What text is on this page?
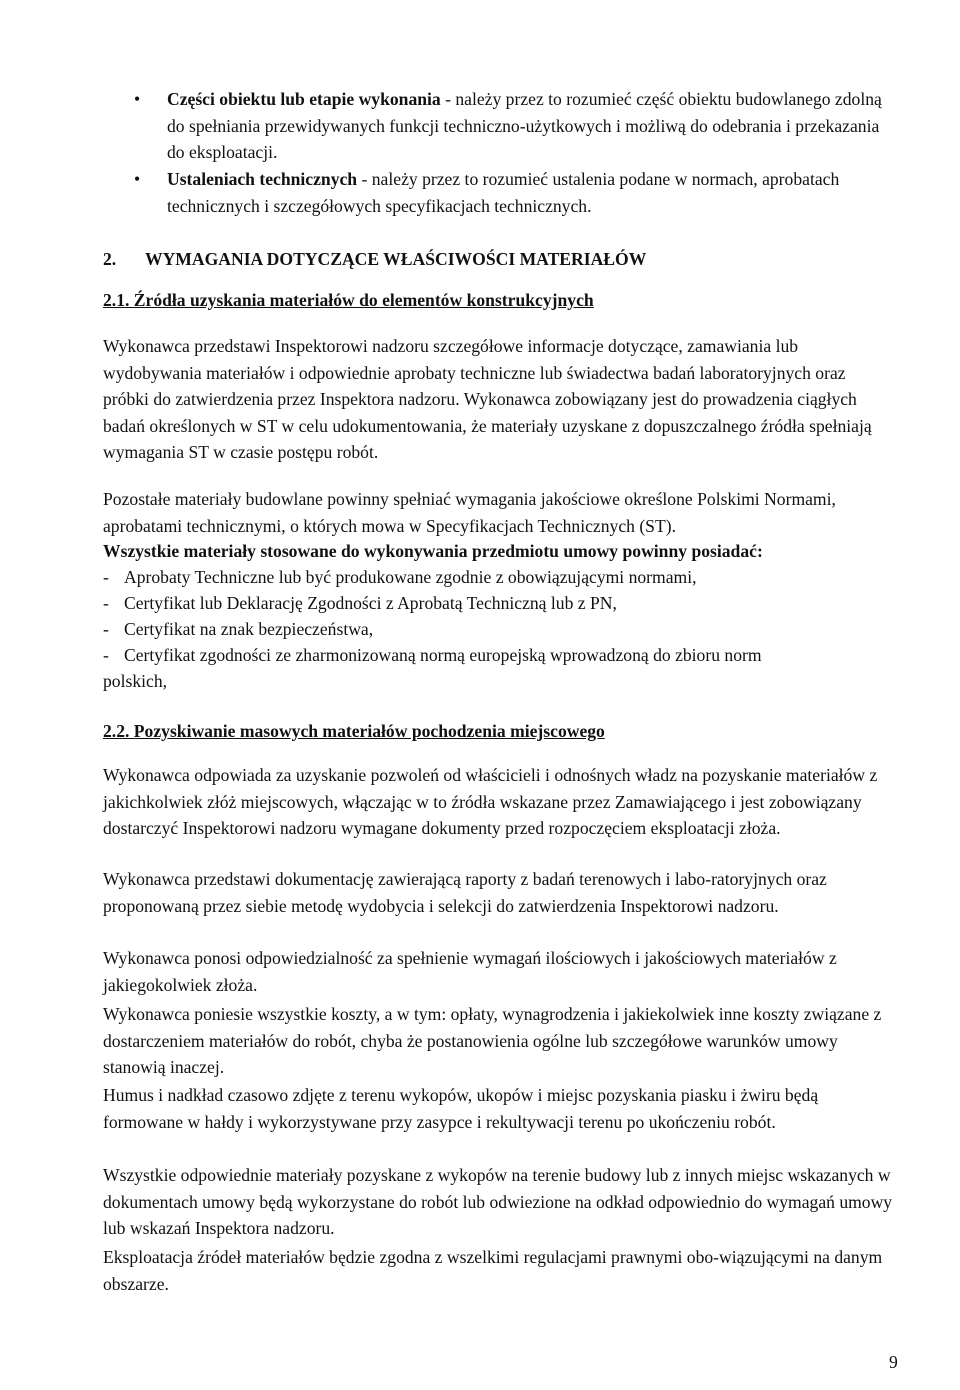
• Części obiektu lub etapie wykonania - należy przez to rozumieć część obiektu budowlanego zdolną do spełniania przewidywanych funkcji techniczno-użytkowych i możliwą do odebrania i przekazania do eksploatacji.
• Ustaleniach technicznych - należy przez to rozumieć ustalenia podane w normach, aprobatach technicznych i szczegółowych specyfikacjach technicznych.
2. WYMAGANIA DOTYCZĄCE WŁAŚCIWOŚCI MATERIAŁÓW
2.1. Źródła uzyskania materiałów do elementów konstrukcyjnych

Wykonawca przedstawi Inspektorowi nadzoru szczegółowe informacje dotyczące, zamawiania lub wydobywania materiałów i odpowiednie aprobaty techniczne lub świadectwa badań laboratoryjnych oraz próbki do zatwierdzenia przez Inspektora nadzoru. Wykonawca zobowiązany jest do prowadzenia ciągłych badań określonych w ST w celu udokumentowania, że materiały uzyskane z dopuszczalnego źródła spełniają wymagania ST w czasie postępu robót.

Pozostałe materiały budowlane powinny spełniać wymagania jakościowe określone Polskimi Normami, aprobatami technicznymi, o których mowa w Specyfikacjach Technicznych (ST).

Wszystkie materiały stosowane do wykonywania przedmiotu umowy powinny posiadać:
- Aprobaty Techniczne lub być produkowane zgodnie z obowiązującymi normami,
- Certyfikat lub Deklarację Zgodności z Aprobatą Techniczną lub z PN,
- Certyfikat na znak bezpieczeństwa,
- Certyfikat zgodności ze zharmonizowaną normą europejską wprowadzoną do zbioru norm
polskich,
2.2. Pozyskiwanie masowych materiałów pochodzenia miejscowego

Wykonawca odpowiada za uzyskanie pozwoleń od właścicieli i odnośnych władz na pozyskanie materiałów z jakichkolwiek złóż miejscowych, włączając w to źródła wskazane przez Zamawiającego i jest zobowiązany dostarczyć Inspektorowi nadzoru wymagane dokumenty przed rozpoczęciem eksploatacji złoża.

Wykonawca przedstawi dokumentację zawierającą raporty z badań terenowych i labo-ratoryjnych oraz proponowaną przez siebie metodę wydobycia i selekcji do zatwierdzenia Inspektorowi nadzoru.

Wykonawca ponosi odpowiedzialność za spełnienie wymagań ilościowych i jakościowych materiałów z jakiegokolwiek złoża.

Wykonawca poniesie wszystkie koszty, a w tym: opłaty, wynagrodzenia i jakiekolwiek inne koszty związane z dostarczeniem materiałów do robót, chyba że postanowienia ogólne lub szczegółowe warunków umowy stanowią inaczej.

Humus i nadkład czasowo zdjęte z terenu wykopów, ukopów i miejsc pozyskania piasku i żwiru będą formowane w hałdy i wykorzystywane przy zasypce i rekultywacji terenu po ukończeniu robót.

Wszystkie odpowiednie materiały pozyskane z wykopów na terenie budowy lub z innych miejsc wskazanych w dokumentach umowy będą wykorzystane do robót lub odwiezione na odkład odpowiednio do wymagań umowy lub wskazań Inspektora nadzoru.

Eksploatacja źródeł materiałów będzie zgodna z wszelkimi regulacjami prawnymi obo-wiązującymi na danym obszarze.

9
